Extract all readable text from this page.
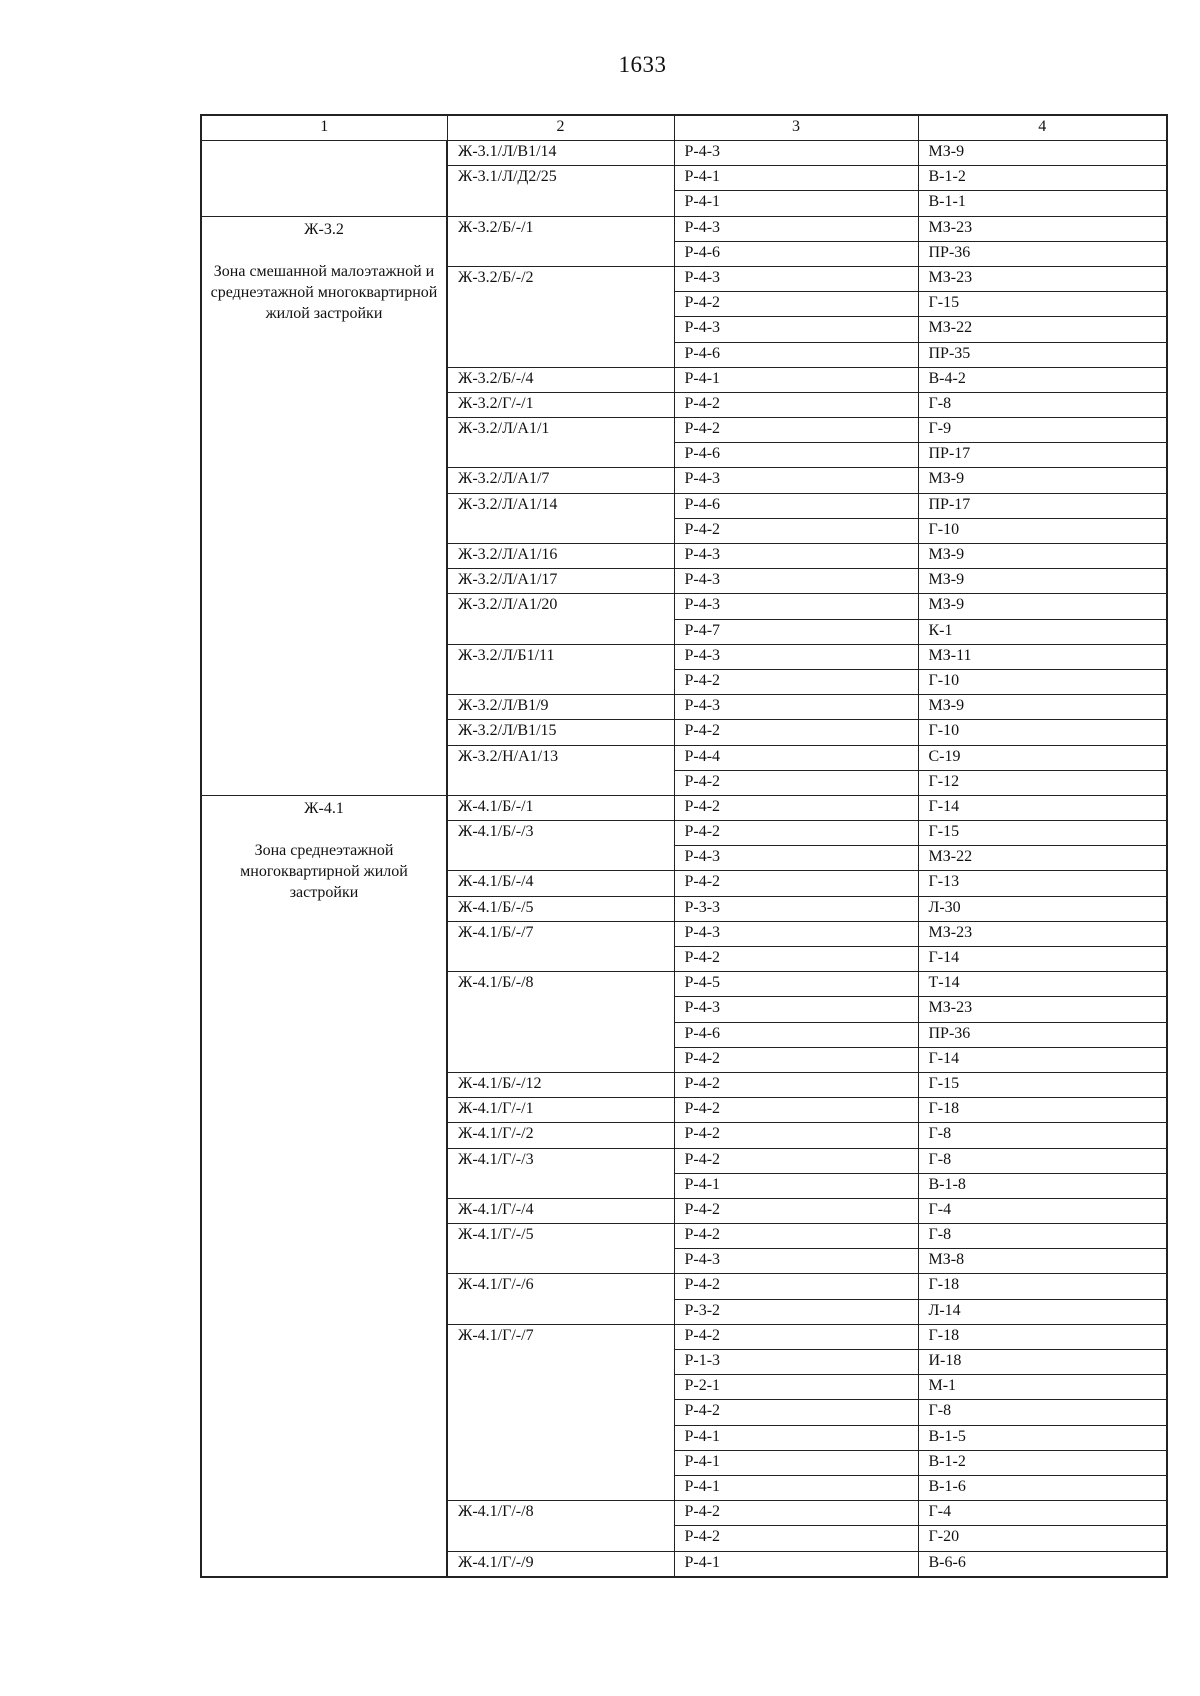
1633
1	2	3	4

	Ж-3.1/Л/В1/14	Р-4-3	МЗ-9
	Ж-3.1/Л/Д2/25	Р-4-1	В-1-2
		Р-4-1	В-1-1

Ж-3.2
Зона смешанной малоэтажной и среднеэтажной многоквартирной жилой застройки	Ж-3.2/Б/-/1	Р-4-3	МЗ-23
		Р-4-6	ПР-36
	Ж-3.2/Б/-/2	Р-4-3	МЗ-23
		Р-4-2	Г-15
		Р-4-3	МЗ-22
		Р-4-6	ПР-35
	Ж-3.2/Б/-/4	Р-4-1	В-4-2
	Ж-3.2/Г/-/1	Р-4-2	Г-8
	Ж-3.2/Л/А1/1	Р-4-2	Г-9
		Р-4-6	ПР-17
	Ж-3.2/Л/А1/7	Р-4-3	МЗ-9
	Ж-3.2/Л/А1/14	Р-4-6	ПР-17
		Р-4-2	Г-10
	Ж-3.2/Л/А1/16	Р-4-3	МЗ-9
	Ж-3.2/Л/А1/17	Р-4-3	МЗ-9
	Ж-3.2/Л/А1/20	Р-4-3	МЗ-9
		Р-4-7	К-1
	Ж-3.2/Л/Б1/11	Р-4-3	МЗ-11
		Р-4-2	Г-10
	Ж-3.2/Л/В1/9	Р-4-3	МЗ-9
	Ж-3.2/Л/В1/15	Р-4-2	Г-10
	Ж-3.2/Н/А1/13	Р-4-4	С-19
		Р-4-2	Г-12

Ж-4.1
Зона среднеэтажной многоквартирной жилой застройки	Ж-4.1/Б/-/1	Р-4-2	Г-14
	Ж-4.1/Б/-/3	Р-4-2	Г-15
		Р-4-3	МЗ-22
	Ж-4.1/Б/-/4	Р-4-2	Г-13
	Ж-4.1/Б/-/5	Р-3-3	Л-30
	Ж-4.1/Б/-/7	Р-4-3	МЗ-23
		Р-4-2	Г-14
	Ж-4.1/Б/-/8	Р-4-5	Т-14
		Р-4-3	МЗ-23
		Р-4-6	ПР-36
		Р-4-2	Г-14
	Ж-4.1/Б/-/12	Р-4-2	Г-15
	Ж-4.1/Г/-/1	Р-4-2	Г-18
	Ж-4.1/Г/-/2	Р-4-2	Г-8
	Ж-4.1/Г/-/3	Р-4-2	Г-8
		Р-4-1	В-1-8
	Ж-4.1/Г/-/4	Р-4-2	Г-4
	Ж-4.1/Г/-/5	Р-4-2	Г-8
		Р-4-3	МЗ-8
	Ж-4.1/Г/-/6	Р-4-2	Г-18
		Р-3-2	Л-14
	Ж-4.1/Г/-/7	Р-4-2	Г-18
		Р-1-3	И-18
		Р-2-1	М-1
		Р-4-2	Г-8
		Р-4-1	В-1-5
		Р-4-1	В-1-2
		Р-4-1	В-1-6
	Ж-4.1/Г/-/8	Р-4-2	Г-4
		Р-4-2	Г-20
	Ж-4.1/Г/-/9	Р-4-1	В-6-6
